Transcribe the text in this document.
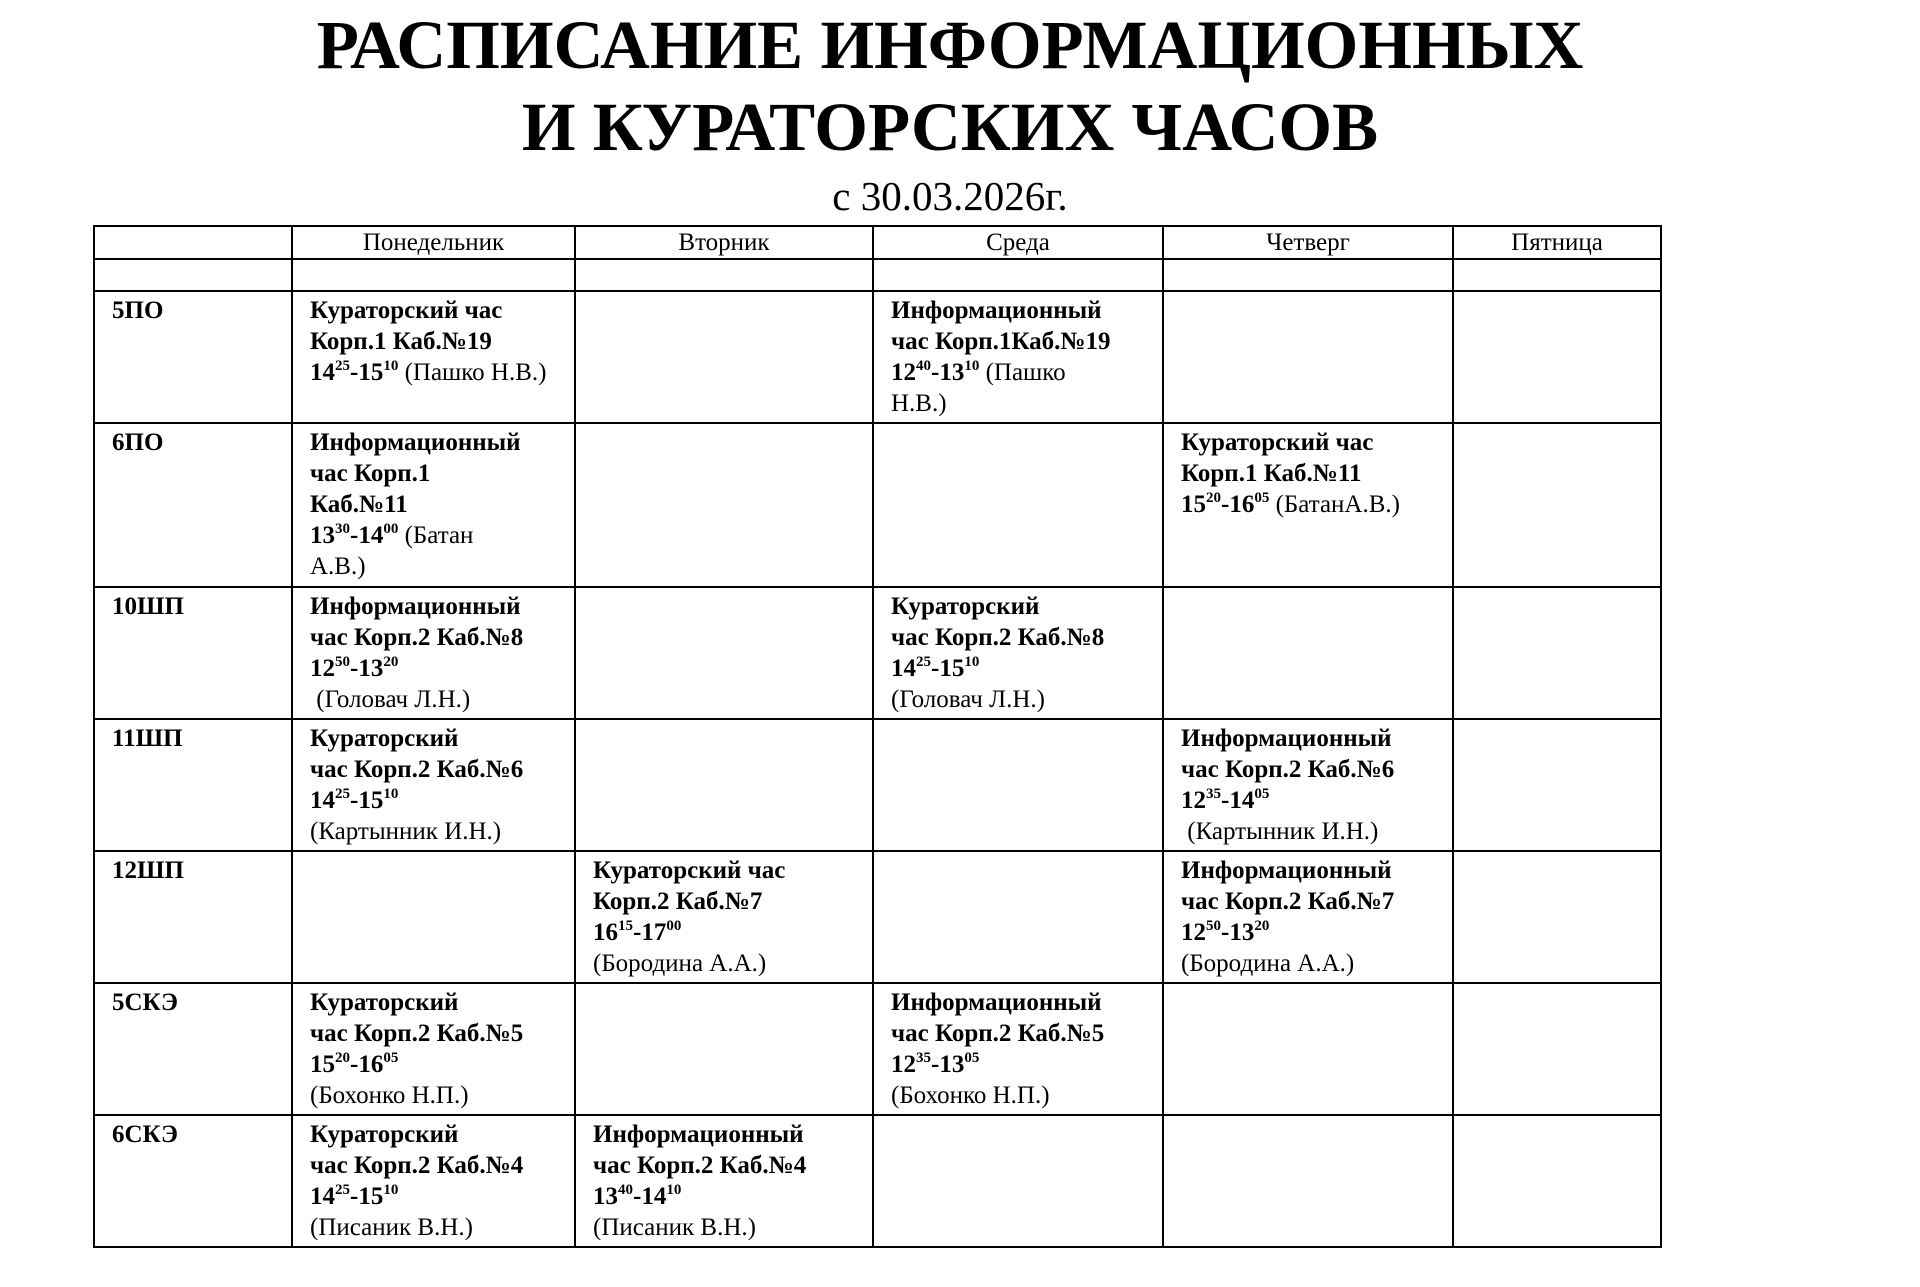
РАСПИСАНИЕ ИНФОРМАЦИОННЫХ
И КУРАТОРСКИХ ЧАСОВ
с 30.03.2026г.
	Понедельник	Вторник	Среда	Четверг	Пятница

5ПО	Кураторский час
Корп.1 Каб.№19
$14^{25}-15^{10}$ (Пашко Н.В.)		Информационный
час Корп.1Каб.№19
$12^{40}-13^{10}$ (Пашко
Н.В.)		

6ПО	Информационный
час Корп.1
Каб.№11
$13^{30}-14^{00}$ (Батан
А.В.)			Кураторский час
Корп.1 Каб.№11
$15^{20}-16^{05}$ (БатанА.В.)	

10ШП	Информационный
час Корп.2 Каб.№8
$12^{50}-13^{20}$
(Головач Л.Н.)		Кураторский
час Корп.2 Каб.№8
$14^{25}-15^{10}$
(Головач Л.Н.)		

11ШП	Кураторский
час Корп.2 Каб.№6
$14^{25}-15^{10}$
(Картынник И.Н.)			Информационный
час Корп.2 Каб.№6
$12^{35}-14^{05}$
(Картынник И.Н.)	

12ШП		Кураторский час
Корп.2 Каб.№7
$16^{15}-17^{00}$
(Бородина А.А.)		Информационный
час Корп.2 Каб.№7
$12^{50}-13^{20}$
(Бородина А.А.)	

5СКЭ	Кураторский
час Корп.2 Каб.№5
$15^{20}-16^{05}$
(Бохонко Н.П.)		Информационный
час Корп.2 Каб.№5
$12^{35}-13^{05}$
(Бохонко Н.П.)		

6СКЭ	Кураторский
час Корп.2 Каб.№4
$14^{25}-15^{10}$
(Писаник В.Н.)	Информационный
час Корп.2 Каб.№4
$13^{40}-14^{10}$
(Писаник В.Н.)			
